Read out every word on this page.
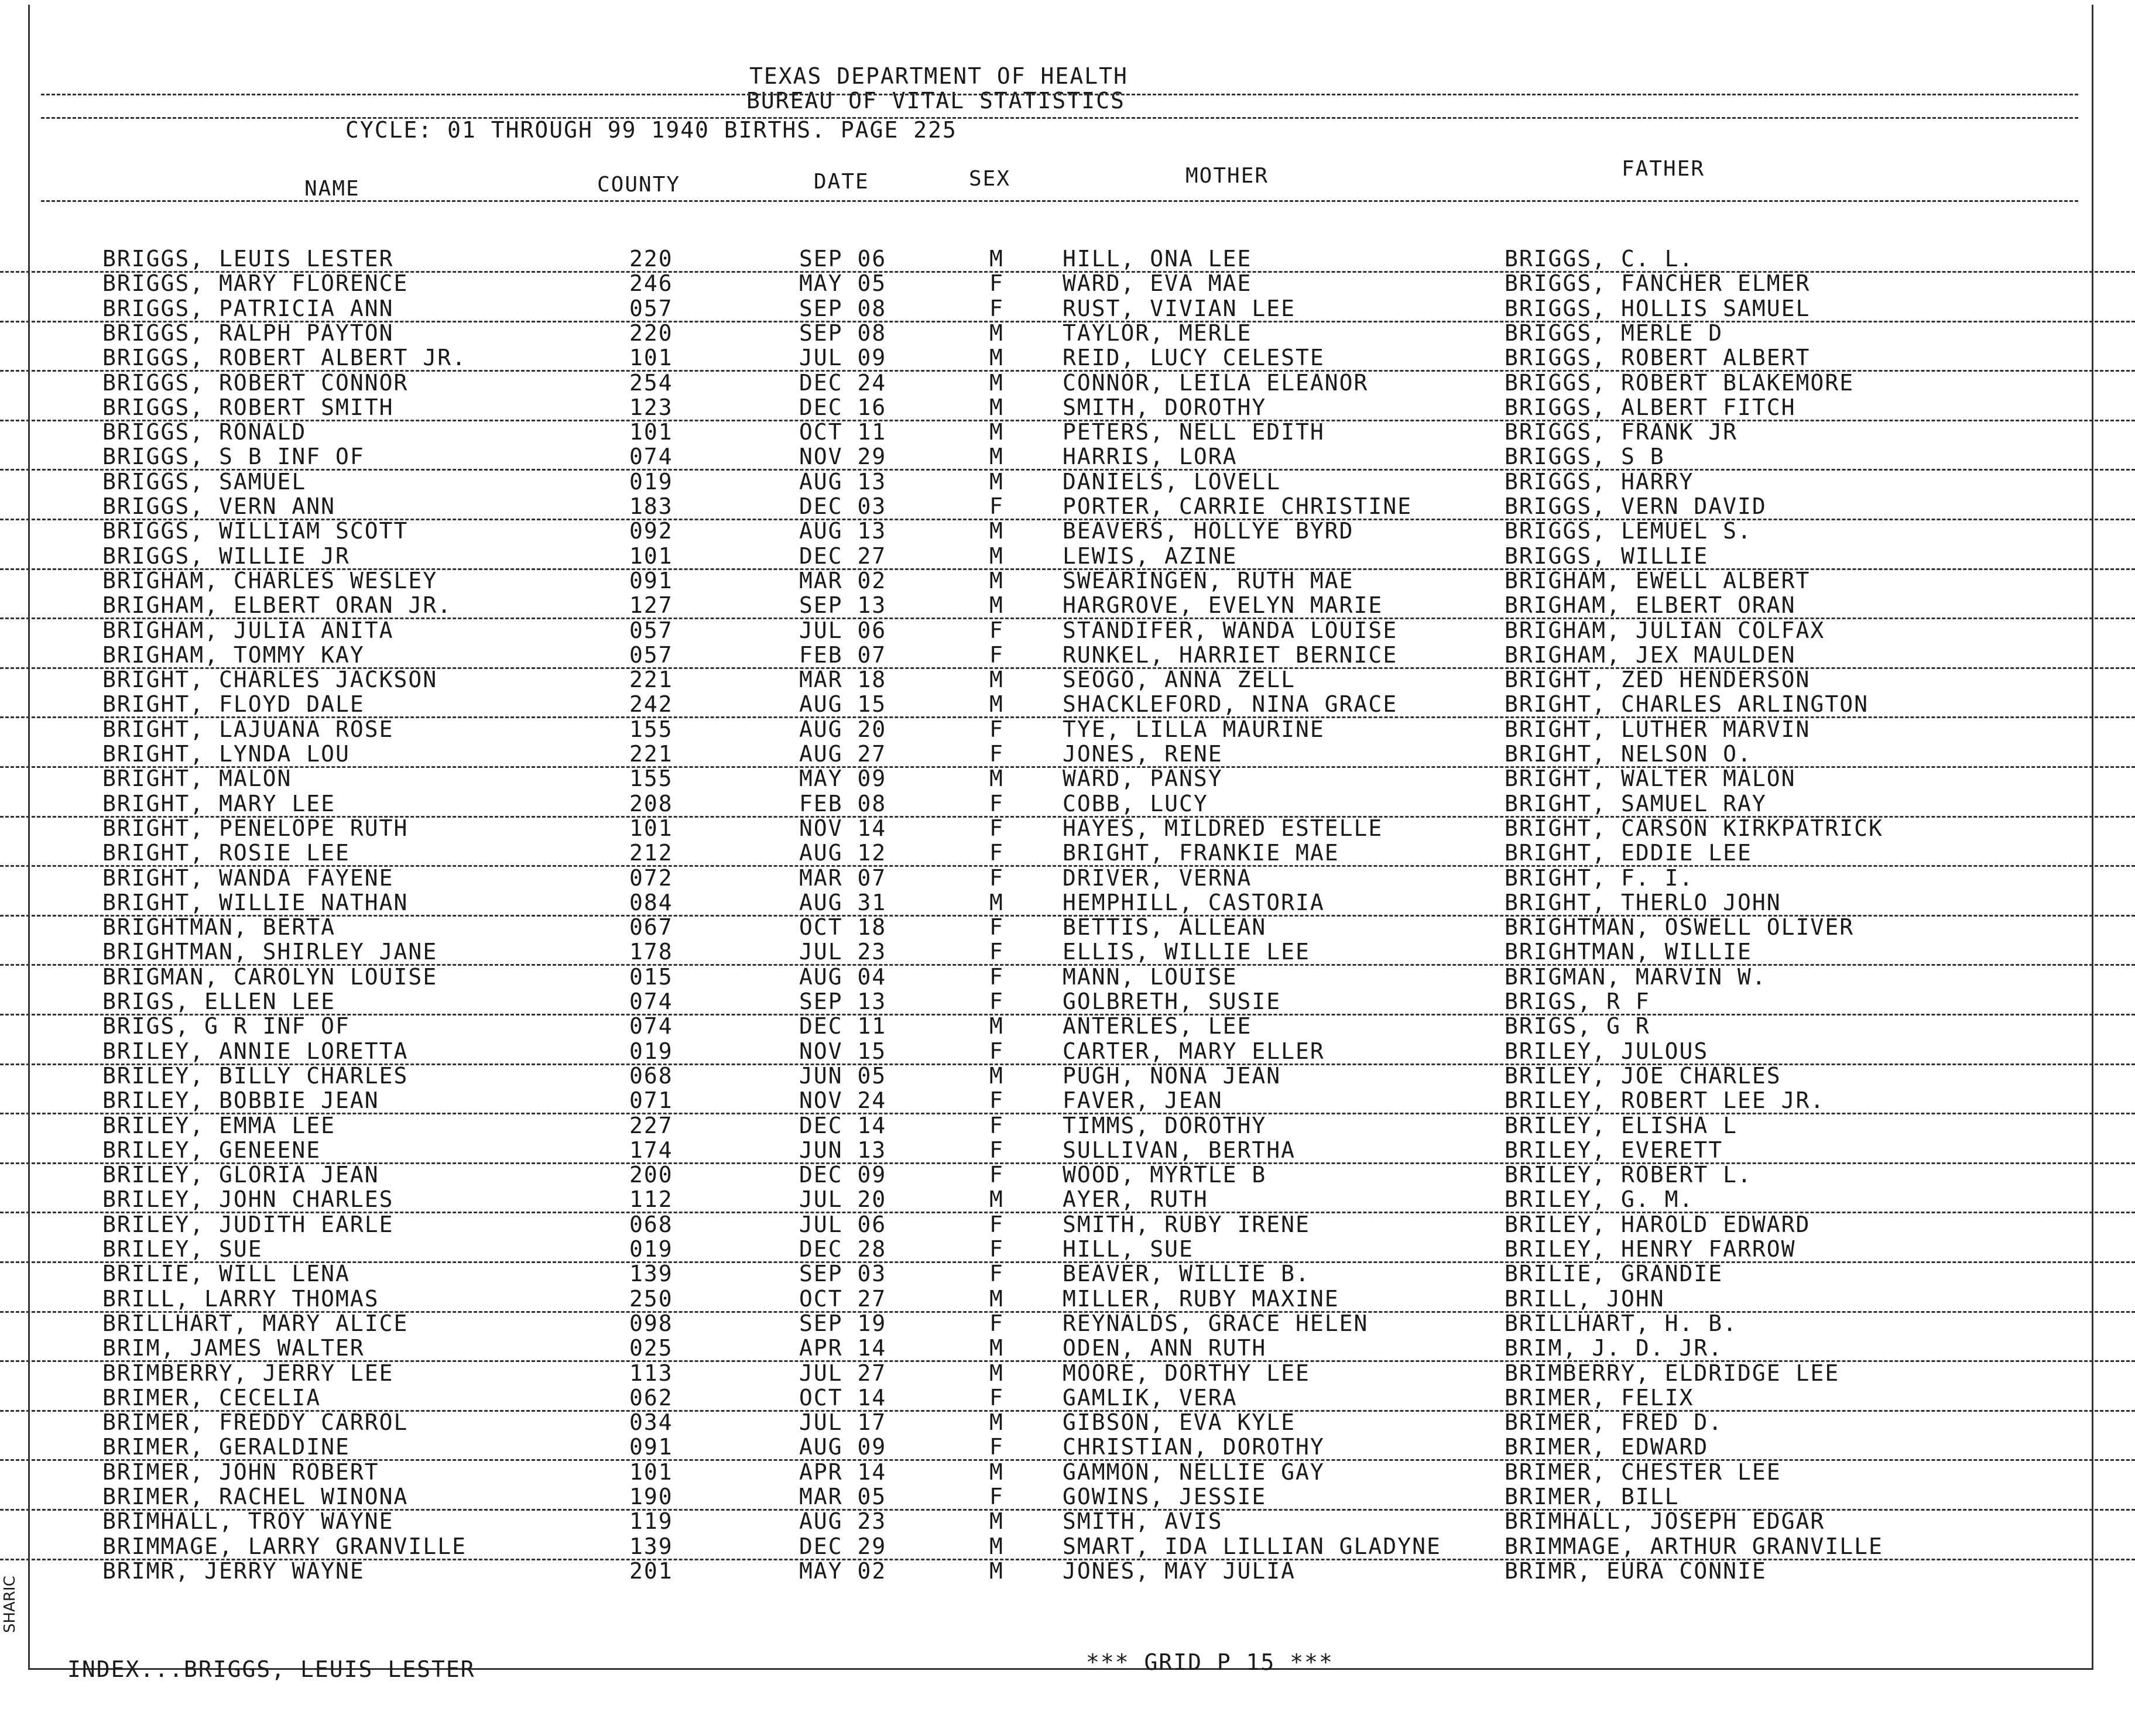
TEXAS DEPARTMENT OF HEALTH
BUREAU OF VITAL STATISTICS
CYCLE: 01 THROUGH 99 1940 BIRTHS. PAGE 225
NAME	COUNTY	DATE	SEX	MOTHER	FATHER
BRIGGS, LEUIS LESTER	220	SEP 06	M	HILL, ONA LEE	BRIGGS, C. L.
BRIGGS, MARY FLORENCE	246	MAY 05	F	WARD, EVA MAE	BRIGGS, FANCHER ELMER
BRIGGS, PATRICIA ANN	057	SEP 08	F	RUST, VIVIAN LEE	BRIGGS, HOLLIS SAMUEL
BRIGGS, RALPH PAYTON	220	SEP 08	M	TAYLOR, MERLE	BRIGGS, MERLE D
BRIGGS, ROBERT ALBERT JR.	101	JUL 09	M	REID, LUCY CELESTE	BRIGGS, ROBERT ALBERT
BRIGGS, ROBERT CONNOR	254	DEC 24	M	CONNOR, LEILA ELEANOR	BRIGGS, ROBERT BLAKEMORE
BRIGGS, ROBERT SMITH	123	DEC 16	M	SMITH, DOROTHY	BRIGGS, ALBERT FITCH
BRIGGS, RONALD	101	OCT 11	M	PETERS, NELL EDITH	BRIGGS, FRANK JR
BRIGGS, S B INF OF	074	NOV 29	M	HARRIS, LORA	BRIGGS, S B
BRIGGS, SAMUEL	019	AUG 13	M	DANIELS, LOVELL	BRIGGS, HARRY
BRIGGS, VERN ANN	183	DEC 03	F	PORTER, CARRIE CHRISTINE	BRIGGS, VERN DAVID
BRIGGS, WILLIAM SCOTT	092	AUG 13	M	BEAVERS, HOLLYE BYRD	BRIGGS, LEMUEL S.
BRIGGS, WILLIE JR	101	DEC 27	M	LEWIS, AZINE	BRIGGS, WILLIE
BRIGHAM, CHARLES WESLEY	091	MAR 02	M	SWEARINGEN, RUTH MAE	BRIGHAM, EWELL ALBERT
BRIGHAM, ELBERT ORAN JR.	127	SEP 13	M	HARGROVE, EVELYN MARIE	BRIGHAM, ELBERT ORAN
BRIGHAM, JULIA ANITA	057	JUL 06	F	STANDIFER, WANDA LOUISE	BRIGHAM, JULIAN COLFAX
BRIGHAM, TOMMY KAY	057	FEB 07	F	RUNKEL, HARRIET BERNICE	BRIGHAM, JEX MAULDEN
BRIGHT, CHARLES JACKSON	221	MAR 18	M	SEOGO, ANNA ZELL	BRIGHT, ZED HENDERSON
BRIGHT, FLOYD DALE	242	AUG 15	M	SHACKLEFORD, NINA GRACE	BRIGHT, CHARLES ARLINGTON
BRIGHT, LAJUANA ROSE	155	AUG 20	F	TYE, LILLA MAURINE	BRIGHT, LUTHER MARVIN
BRIGHT, LYNDA LOU	221	AUG 27	F	JONES, RENE	BRIGHT, NELSON O.
BRIGHT, MALON	155	MAY 09	M	WARD, PANSY	BRIGHT, WALTER MALON
BRIGHT, MARY LEE	208	FEB 08	F	COBB, LUCY	BRIGHT, SAMUEL RAY
BRIGHT, PENELOPE RUTH	101	NOV 14	F	HAYES, MILDRED ESTELLE	BRIGHT, CARSON KIRKPATRICK
BRIGHT, ROSIE LEE	212	AUG 12	F	BRIGHT, FRANKIE MAE	BRIGHT, EDDIE LEE
BRIGHT, WANDA FAYENE	072	MAR 07	F	DRIVER, VERNA	BRIGHT, F. I.
BRIGHT, WILLIE NATHAN	084	AUG 31	M	HEMPHILL, CASTORIA	BRIGHT, THERLO JOHN
BRIGHTMAN, BERTA	067	OCT 18	F	BETTIS, ALLEAN	BRIGHTMAN, OSWELL OLIVER
BRIGHTMAN, SHIRLEY JANE	178	JUL 23	F	ELLIS, WILLIE LEE	BRIGHTMAN, WILLIE
BRIGMAN, CAROLYN LOUISE	015	AUG 04	F	MANN, LOUISE	BRIGMAN, MARVIN W.
BRIGS, ELLEN LEE	074	SEP 13	F	GOLBRETH, SUSIE	BRIGS, R F
BRIGS, G R INF OF	074	DEC 11	M	ANTERLES, LEE	BRIGS, G R
BRILEY, ANNIE LORETTA	019	NOV 15	F	CARTER, MARY ELLER	BRILEY, JULOUS
BRILEY, BILLY CHARLES	068	JUN 05	M	PUGH, NONA JEAN	BRILEY, JOE CHARLES
BRILEY, BOBBIE JEAN	071	NOV 24	F	FAVER, JEAN	BRILEY, ROBERT LEE JR.
BRILEY, EMMA LEE	227	DEC 14	F	TIMMS, DOROTHY	BRILEY, ELISHA L
BRILEY, GENEENE	174	JUN 13	F	SULLIVAN, BERTHA	BRILEY, EVERETT
BRILEY, GLORIA JEAN	200	DEC 09	F	WOOD, MYRTLE B	BRILEY, ROBERT L.
BRILEY, JOHN CHARLES	112	JUL 20	M	AYER, RUTH	BRILEY, G. M.
BRILEY, JUDITH EARLE	068	JUL 06	F	SMITH, RUBY IRENE	BRILEY, HAROLD EDWARD
BRILEY, SUE	019	DEC 28	F	HILL, SUE	BRILEY, HENRY FARROW
BRILIE, WILL LENA	139	SEP 03	F	BEAVER, WILLIE B.	BRILIE, GRANDIE
BRILL, LARRY THOMAS	250	OCT 27	M	MILLER, RUBY MAXINE	BRILL, JOHN
BRILLHART, MARY ALICE	098	SEP 19	F	REYNALDS, GRACE HELEN	BRILLHART, H. B.
BRIM, JAMES WALTER	025	APR 14	M	ODEN, ANN RUTH	BRIM, J. D. JR.
BRIMBERRY, JERRY LEE	113	JUL 27	M	MOORE, DORTHY LEE	BRIMBERRY, ELDRIDGE LEE
BRIMER, CECELIA	062	OCT 14	F	GAMLIK, VERA	BRIMER, FELIX
BRIMER, FREDDY CARROL	034	JUL 17	M	GIBSON, EVA KYLE	BRIMER, FRED D.
BRIMER, GERALDINE	091	AUG 09	F	CHRISTIAN, DOROTHY	BRIMER, EDWARD
BRIMER, JOHN ROBERT	101	APR 14	M	GAMMON, NELLIE GAY	BRIMER, CHESTER LEE
BRIMER, RACHEL WINONA	190	MAR 05	F	GOWINS, JESSIE	BRIMER, BILL
BRIMHALL, TROY WAYNE	119	AUG 23	M	SMITH, AVIS	BRIMHALL, JOSEPH EDGAR
BRIMMAGE, LARRY GRANVILLE	139	DEC 29	M	SMART, IDA LILLIAN GLADYNE	BRIMMAGE, ARTHUR GRANVILLE
BRIMR, JERRY WAYNE	201	MAY 02	M	JONES, MAY JULIA	BRIMR, EURA CONNIE
SHARIC
INDEX...BRIGGS, LEUIS LESTER	*** GRID P 15 ***
